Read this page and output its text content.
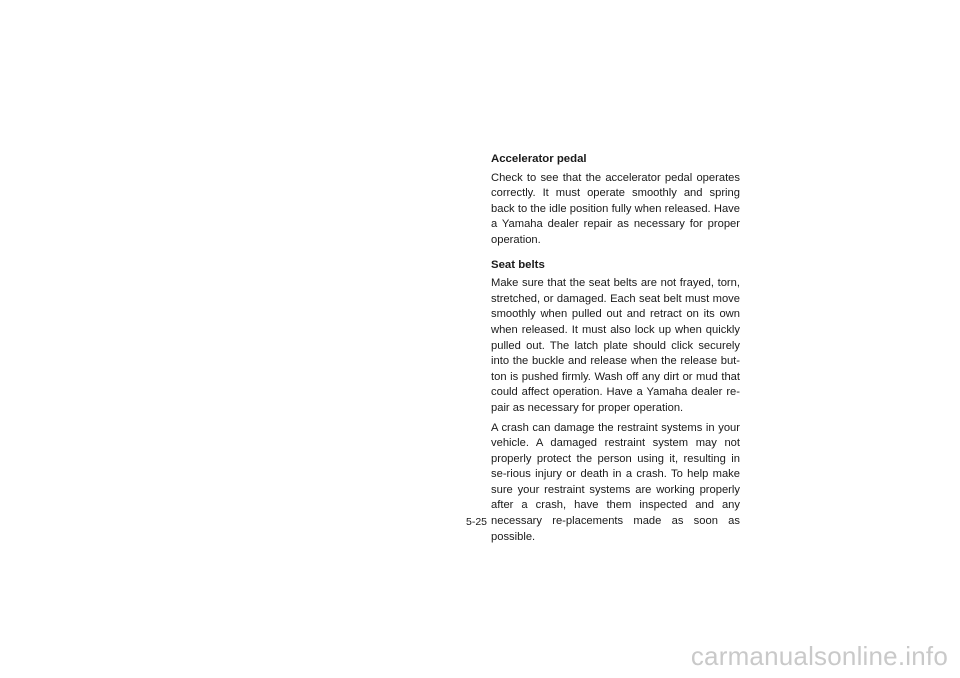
Accelerator pedal

Check to see that the accelerator pedal operates correctly. It must operate smoothly and spring back to the idle position fully when released. Have a Yamaha dealer repair as necessary for proper operation.

Seat belts

Make sure that the seat belts are not frayed, torn, stretched, or damaged. Each seat belt must move smoothly when pulled out and retract on its own when released. It must also lock up when quickly pulled out. The latch plate should click securely into the buckle and release when the release but-ton is pushed firmly. Wash off any dirt or mud that could affect operation. Have a Yamaha dealer re-pair as necessary for proper operation.

A crash can damage the restraint systems in your vehicle. A damaged restraint system may not properly protect the person using it, resulting in se-rious injury or death in a crash. To help make sure your restraint systems are working properly after a crash, have them inspected and any necessary re-placements made as soon as possible.

5-25
carmanualsonline.info
